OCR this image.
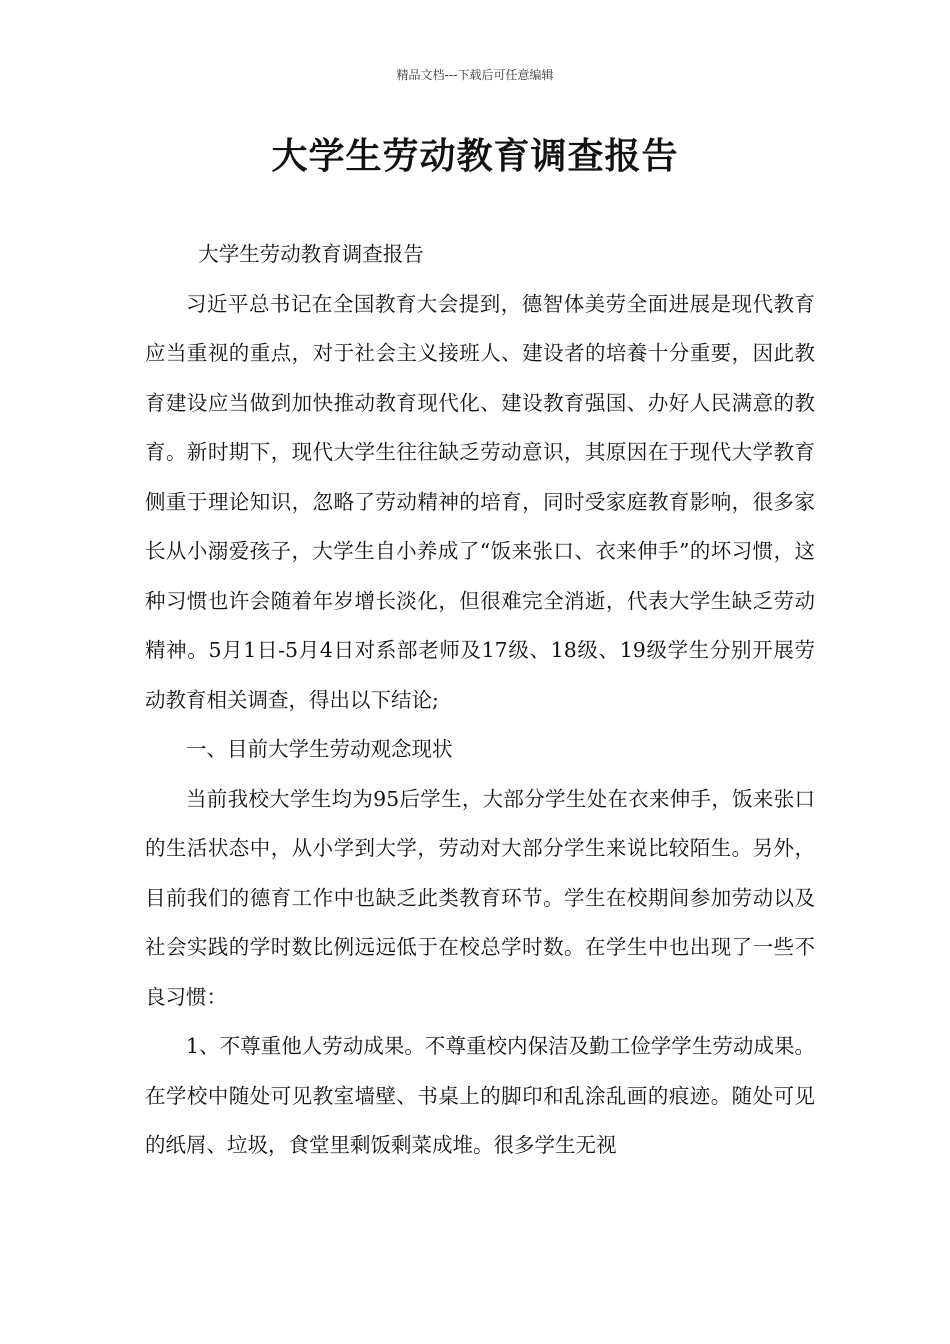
精品文档---下载后可任意编辑
大学生劳动教育调查报告

大学生劳动教育调查报告

习近平总书记在全国教育大会提到，德智体美劳全面进展是现代教育应当重视的重点，对于社会主义接班人、建设者的培養十分重要，因此教育建设应当做到加快推动教育现代化、建设教育强国、办好人民满意的教育。新时期下，现代大学生往往缺乏劳动意识，其原因在于现代大学教育侧重于理论知识，忽略了劳动精神的培育，同时受家庭教育影响，很多家长从小溺爱孩子，大学生自小养成了“饭来张口、衣来伸手”的坏习惯，这种习惯也许会随着年岁增长淡化，但很难完全消逝，代表大学生缺乏劳动精神。5月1日-5月4日对系部老师及17级、18级、19级学生分别开展劳动教育相关调查，得出以下结论;

一、目前大学生劳动观念现状

当前我校大学生均为95后学生，大部分学生处在衣来伸手，饭来张口的生活状态中，从小学到大学，劳动对大部分学生来说比较陌生。另外，目前我们的德育工作中也缺乏此类教育环节。学生在校期间参加劳动以及社会实践的学时数比例远远低于在校总学时数。在学生中也出现了一些不良习惯：

1、不尊重他人劳动成果。不尊重校内保洁及勤工俭学学生劳动成果。在学校中随处可见教室墙壁、书桌上的脚印和乱涂乱画的痕迹。随处可见的纸屑、垃圾，食堂里剩饭剩菜成堆。很多学生无视
